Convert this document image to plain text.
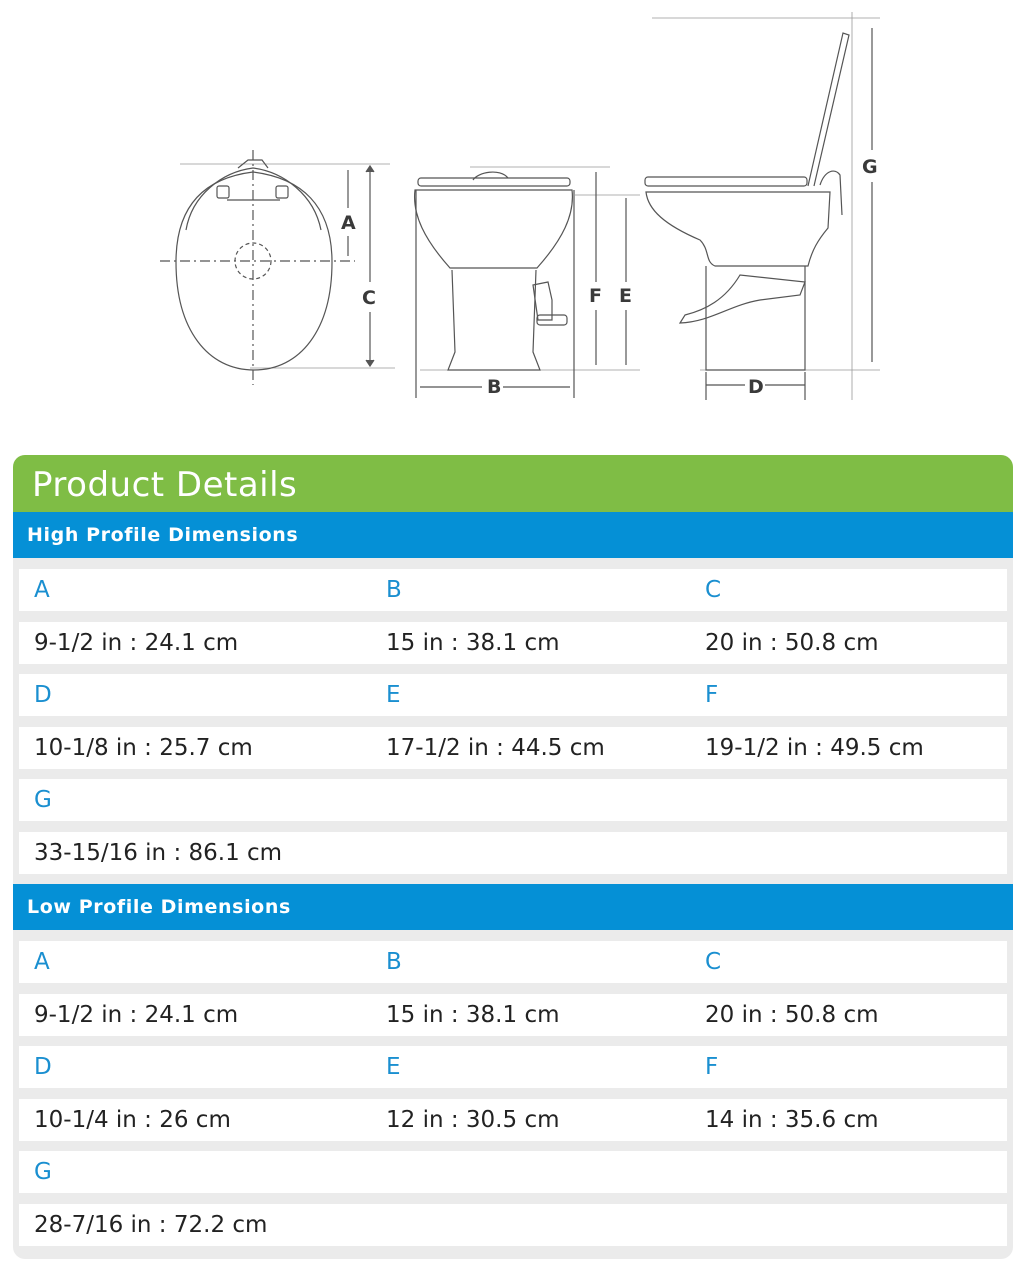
A
C
B
F E
D
G
Product Details
High Profile Dimensions
A	B	C
9-1/2 in : 24.1 cm	15 in : 38.1 cm	20 in : 50.8 cm
D	E	F
10-1/8 in : 25.7 cm	17-1/2 in : 44.5 cm	19-1/2 in : 49.5 cm
G
33-15/16 in : 86.1 cm
Low Profile Dimensions
A	B	C
9-1/2 in : 24.1 cm	15 in : 38.1 cm	20 in : 50.8 cm
D	E	F
10-1/4 in : 26 cm	12 in : 30.5 cm	14 in : 35.6 cm
G
28-7/16 in : 72.2 cm
